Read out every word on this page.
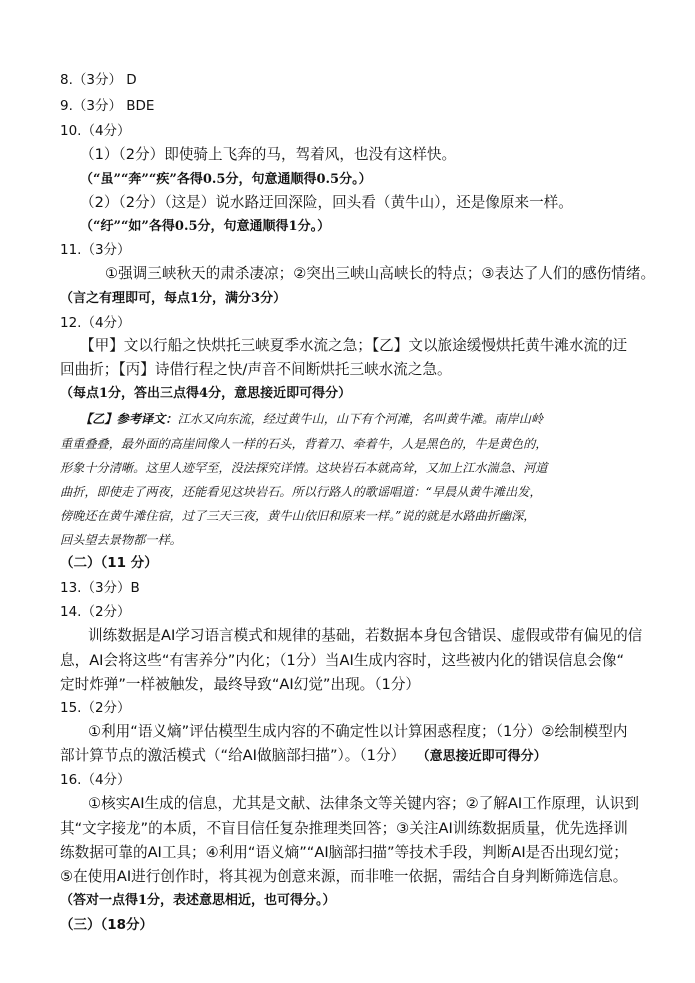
8.（3分） D
9.（3分） BDE
10.（4分）
（1）（2分）即使骑上飞奔的马，驾着风，也没有这样快。
（“虽”“奔”“疾”各得0.5分，句意通顺得0.5分。）
（2）（2分）（这是）说水路迂回深险，回头看（黄牛山），还是像原来一样。
（“纡”“如”各得0.5分，句意通顺得1分。）
11.（3分）
①强调三峡秋天的肃杀凄凉；②突出三峡山高峡长的特点；③表达了人们的感伤情绪。
（言之有理即可，每点1分，满分3分）
12.（4分）
【甲】文以行船之快烘托三峡夏季水流之急；【乙】文以旅途缓慢烘托黄牛滩水流的迂
回曲折；【丙】诗借行程之快/声音不间断烘托三峡水流之急。
（每点1分，答出三点得4分，意思接近即可得分）
【乙】参考译文：江水又向东流，经过黄牛山，山下有个河滩，名叫黄牛滩。南岸山岭
重重叠叠，最外面的高崖间像人一样的石头，背着刀、牵着牛，人是黑色的，牛是黄色的，
形象十分清晰。这里人迹罕至，没法探究详情。这块岩石本就高耸，又加上江水湍急、河道
曲折，即使走了两夜，还能看见这块岩石。所以行路人的歌谣唱道：“早晨从黄牛滩出发，
傍晚还在黄牛滩住宿，过了三天三夜，黄牛山依旧和原来一样。”说的就是水路曲折幽深，
回头望去景物都一样。
（二）（11 分）
13.（3分）B
14.（2分）
训练数据是AI学习语言模式和规律的基础，若数据本身包含错误、虚假或带有偏见的信
息，AI会将这些“有害养分”内化；（1分）当AI生成内容时，这些被内化的错误信息会像“
定时炸弹”一样被触发，最终导致“AI幻觉”出现。（1分）
15.（2分）
①利用“语义熵”评估模型生成内容的不确定性以计算困惑程度；（1分）②绘制模型内
部计算节点的激活模式（“给AI做脑部扫描”）。（1分） （意思接近即可得分）
16.（4分）
①核实AI生成的信息，尤其是文献、法律条文等关键内容；②了解AI工作原理，认识到
其“文字接龙”的本质，不盲目信任复杂推理类回答；③关注AI训练数据质量，优先选择训
练数据可靠的AI工具；④利用“语义熵”“AI脑部扫描”等技术手段，判断AI是否出现幻觉；
⑤在使用AI进行创作时，将其视为创意来源，而非唯一依据，需结合自身判断筛选信息。
（答对一点得1分，表述意思相近，也可得分。）
（三）（18分）
